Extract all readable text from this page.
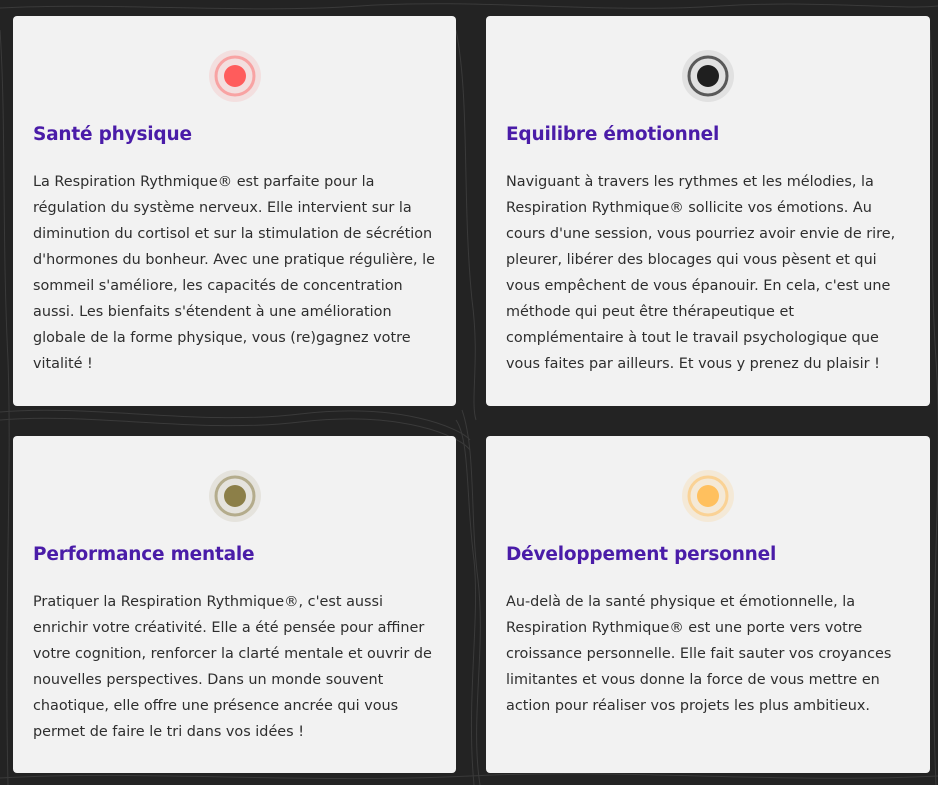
Santé physique

La Respiration Rythmique® est parfaite pour la régulation du système nerveux. Elle intervient sur la diminution du cortisol et sur la stimulation de sécrétion d'hormones du bonheur. Avec une pratique régulière, le sommeil s'améliore, les capacités de concentration aussi. Les bienfaits s'étendent à une amélioration globale de la forme physique, vous (re)gagnez votre vitalité !

Equilibre émotionnel

Naviguant à travers les rythmes et les mélodies, la Respiration Rythmique® sollicite vos émotions. Au cours d'une session, vous pourriez avoir envie de rire, pleurer, libérer des blocages qui vous pèsent et qui vous empêchent de vous épanouir. En cela, c'est une méthode qui peut être thérapeutique et complémentaire à tout le travail psychologique que vous faites par ailleurs. Et vous y prenez du plaisir !

Performance mentale

Pratiquer la Respiration Rythmique®, c'est aussi enrichir votre créativité. Elle a été pensée pour affiner votre cognition, renforcer la clarté mentale et ouvrir de nouvelles perspectives. Dans un monde souvent chaotique, elle offre une présence ancrée qui vous permet de faire le tri dans vos idées !

Développement personnel

Au-delà de la santé physique et émotionnelle, la Respiration Rythmique® est une porte vers votre croissance personnelle. Elle fait sauter vos croyances limitantes et vous donne la force de vous mettre en action pour réaliser vos projets les plus ambitieux.
